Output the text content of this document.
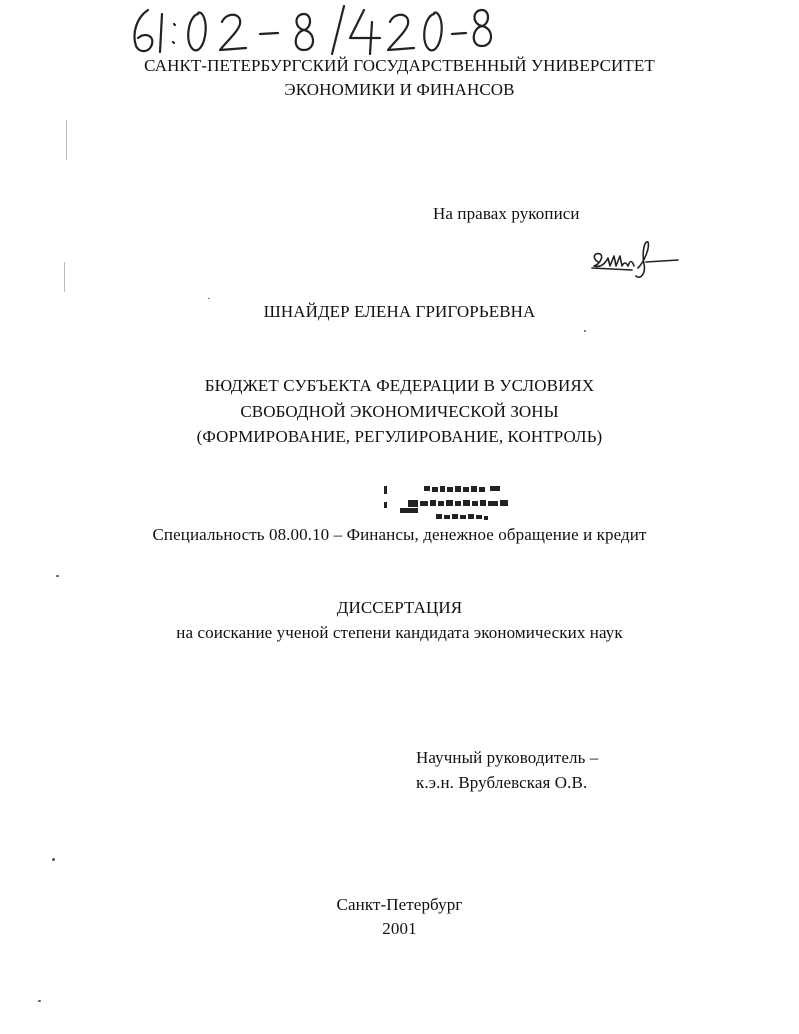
САНКТ-ПЕТЕРБУРГСКИЙ ГОСУДАРСТВЕННЫЙ УНИВЕРСИТЕТ
ЭКОНОМИКИ И ФИНАНСОВ
На правах рукописи
ШНАЙДЕР ЕЛЕНА ГРИГОРЬЕВНА
БЮДЖЕТ СУБЪЕКТА ФЕДЕРАЦИИ В УСЛОВИЯХ
СВОБОДНОЙ ЭКОНОМИЧЕСКОЙ ЗОНЫ
(ФОРМИРОВАНИЕ, РЕГУЛИРОВАНИЕ, КОНТРОЛЬ)
Специальность 08.00.10 – Финансы, денежное обращение и кредит
ДИССЕРТАЦИЯ
на соискание ученой степени кандидата экономических наук
Научный руководитель –
к.э.н. Врублевская О.В.
Санкт-Петербург
2001
